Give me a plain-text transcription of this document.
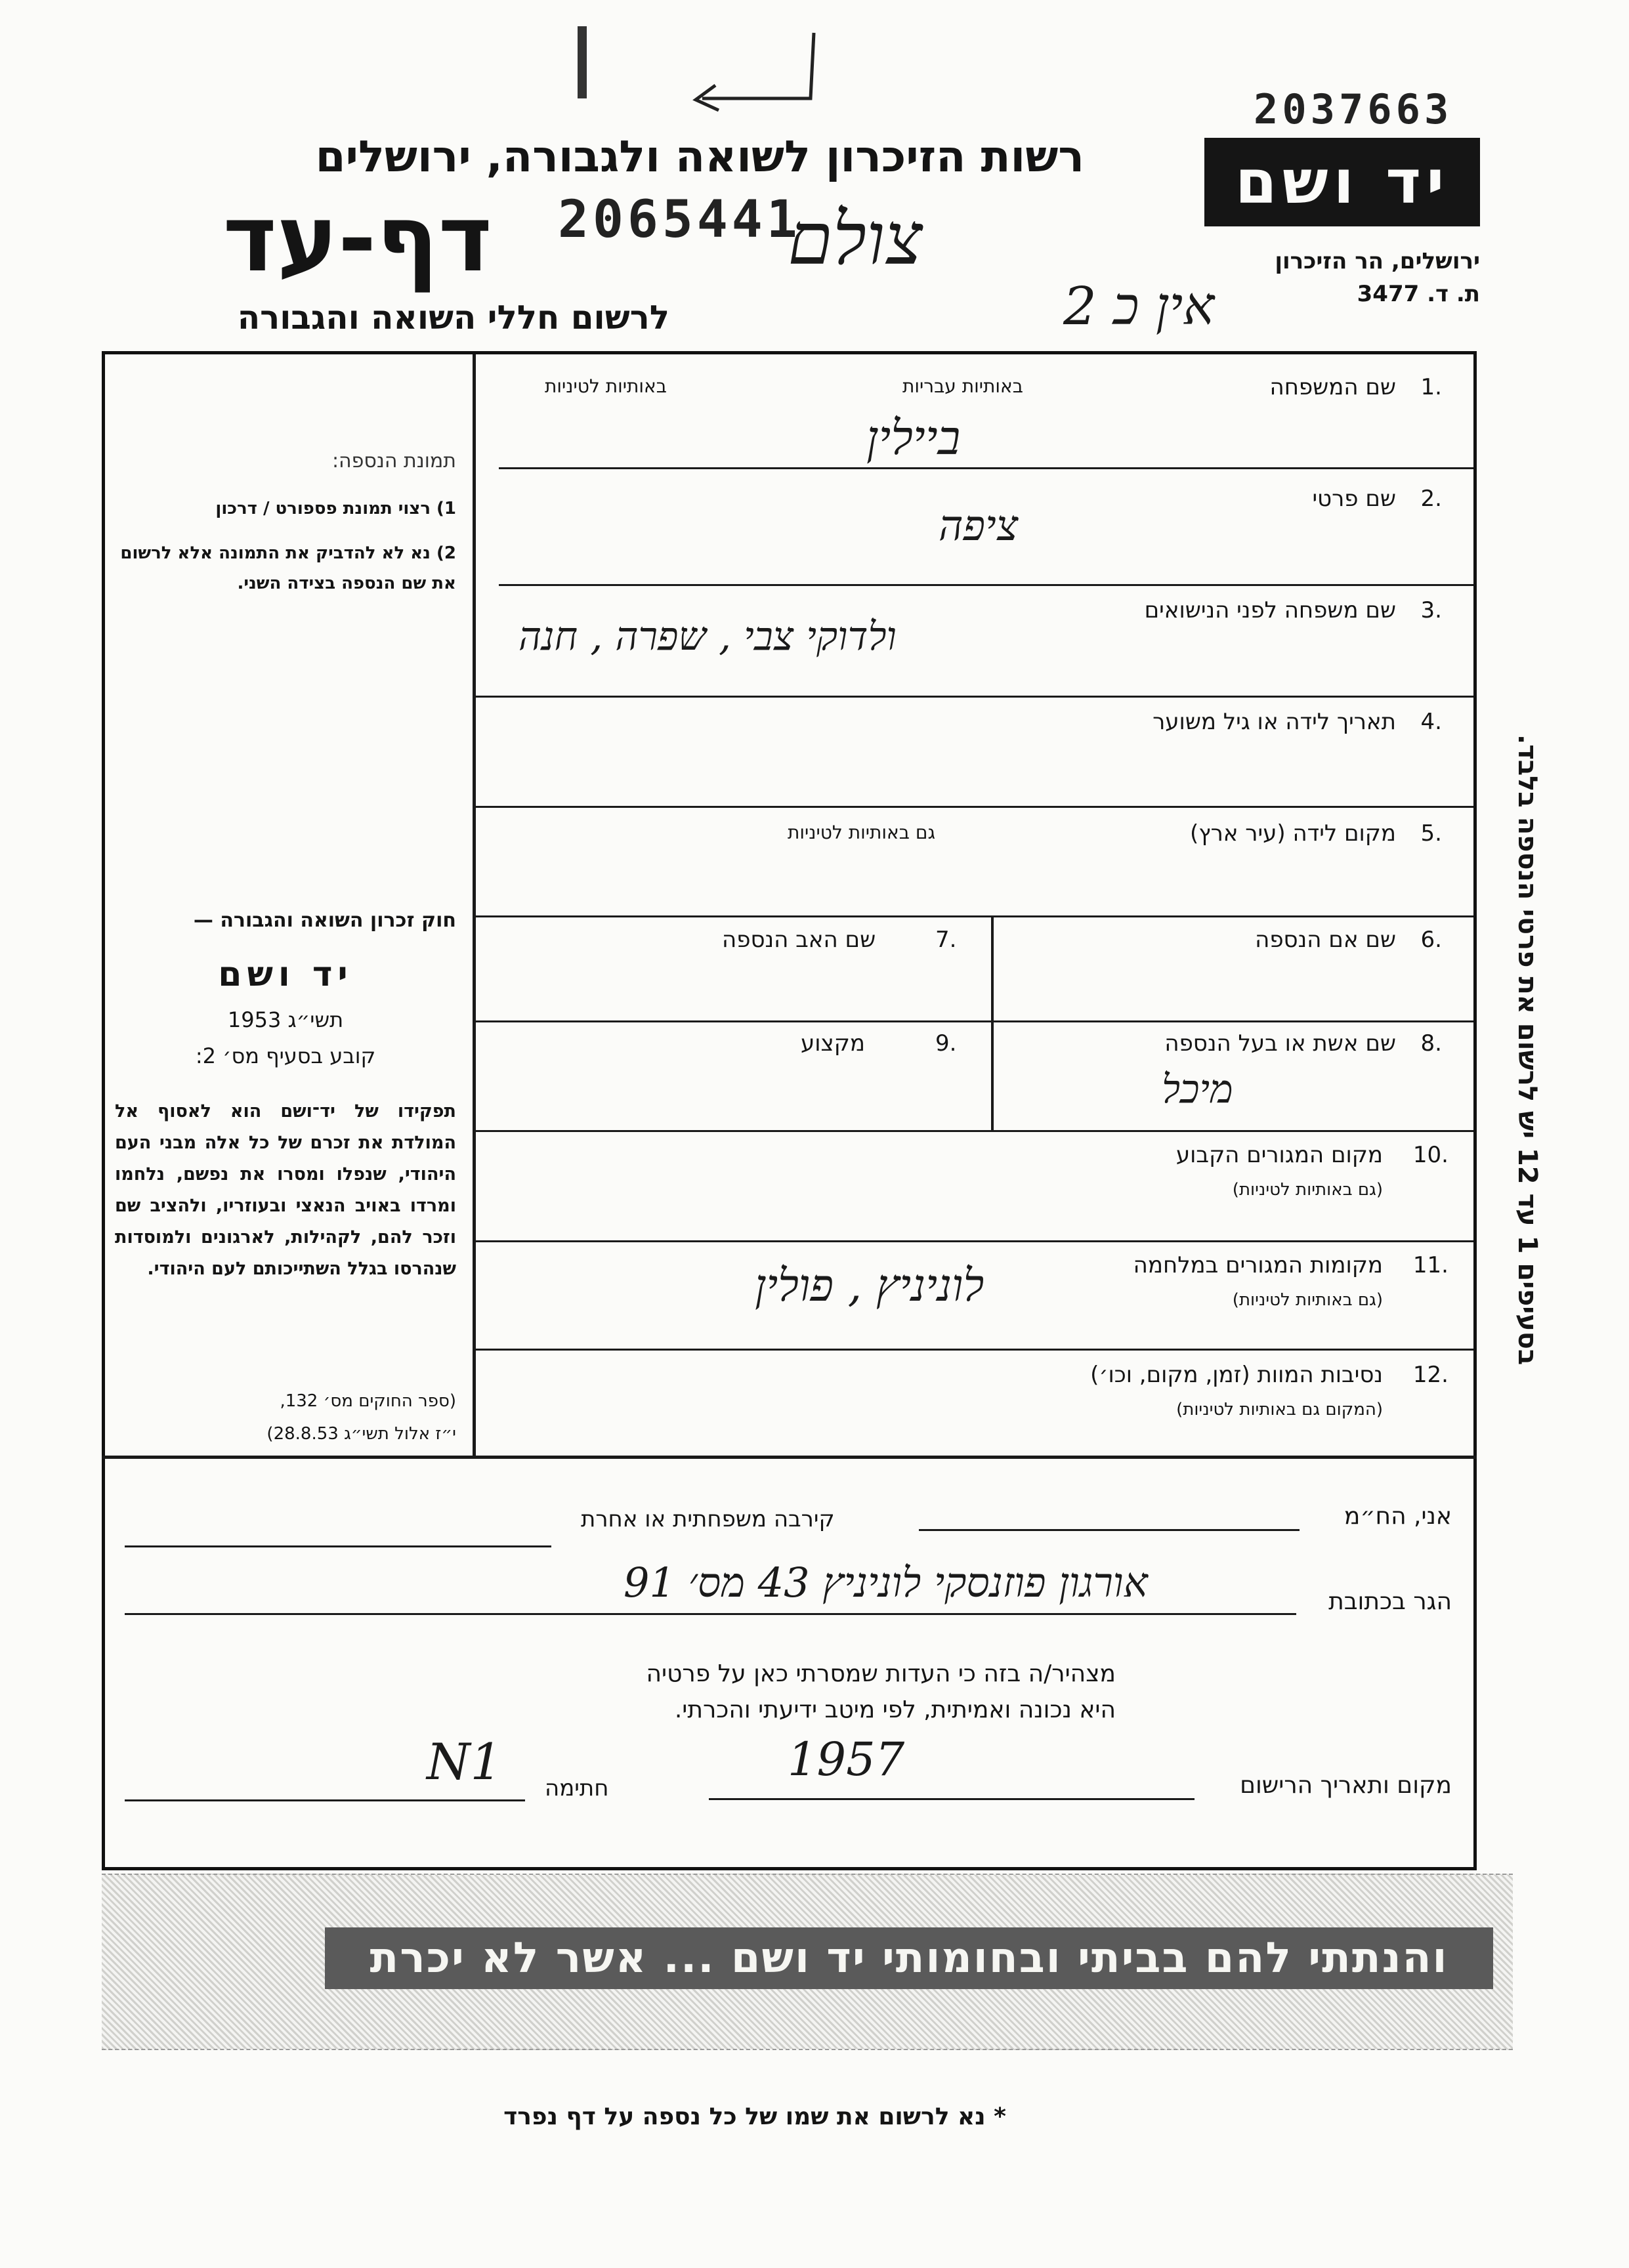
רשות הזיכרון לשואה ולגבורה, ירושלים
דף-עד 2065441
צולם
לרשום חללי השואה והגבורה	אין כ 2
2037663
יד ושם
ירושלים, הר הזיכרון
ת. ד. 3477
תמונת הנספה:
1) רצוי תמונת פספורט / דרכון
2) נא לא להדביק את התמונה אלא לרשום את שם הנספה בצידה השני.
חוק זכרון השואה והגבורה —
יד ושם
תשי״ג 1953
קובע בסעיף מס׳ 2:
תפקידו של יד־ושם הוא לאסוף אל המולדת את זכרם של כל אלה מבני העם היהודי, שנפלו ומסרו את נפשם, נלחמו ומרדו באויב הנאצי ובעוזריו, ולהציב שם וזכר להם, לקהילות, לארגונים ולמוסדות שנהרסו בגלל השתייכותם לעם היהודי.
(ספר החוקים מס׳ 132,
י״ז אלול תשי״ג 28.8.53)
1.
שם המשפחה
באותיות עבריות
באותיות לטיניות
ביילין
2.
שם פרטי
ציפה
3.
שם משפחה לפני הנישואים
ולדוקי צבי , שפרה , חנה
4.
תאריך לידה או גיל משוער
5.
מקום לידה (עיר ארץ)
גם באותיות לטיניות
6.
שם אם הנספה
7.
שם האב הנספה
8.
שם אשת או בעל הנספה
מיכל
9.
מקצוע
10.
מקום המגורים הקבוע
(גם באותיות לטיניות)
11.
מקומות המגורים במלחמה
(גם באותיות לטיניות)
לוניניץ , פולין
12.
נסיבות המוות (זמן, מקום, וכו׳)
(המקום גם באותיות לטיניות)
בסעיפים 1 עד 12 יש לרשום את פרטי הנספה בלבד.
אני, הח״מ
קירבה משפחתית או אחרת
הגר בכתובת
אורגון פוזנסקי לוניניץ 43 מס׳ 91
מצהיר/ה בזה כי העדות שמסרתי כאן על פרטיה
היא נכונה ואמיתית, לפי מיטב ידיעתי והכרתי.
מקום ותאריך הרישום
1957
חתימה
N1
והנתתי להם בביתי ובחומותי יד ושם ... אשר לא יכרת
* נא לרשום את שמו של כל נספה על דף נפרד
